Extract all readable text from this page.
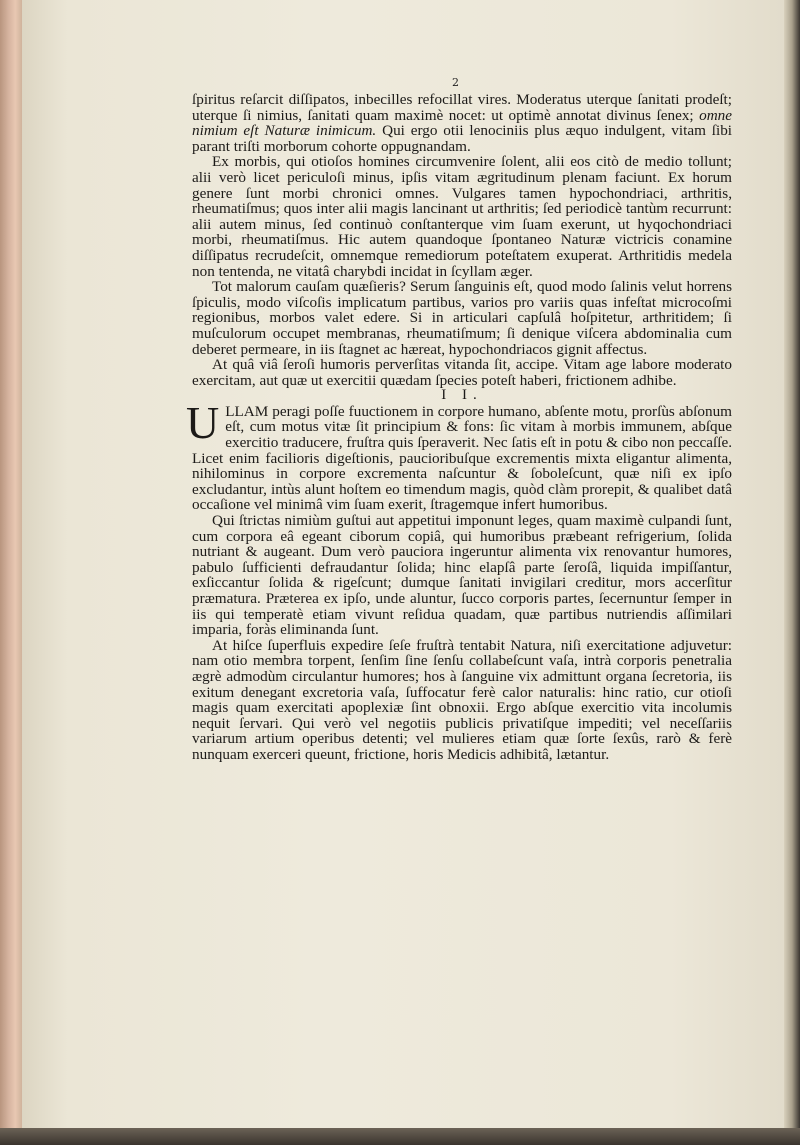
2

ſpiritus reſarcit diſſipatos, inbecilles refocillat vires. Moderatus uterque ſanitati prodeſt; uterque ſi nimius, ſanitati quam maximè nocet: ut optimè annotat divinus ſenex; omne nimium eſt Naturæ inimicum. Qui ergo otii lenociniis plus æquo indulgent, vitam ſibi parant triſti morborum cohorte oppugnandam.

Ex morbis, qui otioſos homines circumvenire ſolent, alii eos citò de medio tollunt; alii verò licet periculoſi minus, ipſis vitam ægritudinum plenam faciunt. Ex horum genere ſunt morbi chronici omnes. Vulgares tamen hypochondriaci, arthritis, rheumatiſmus; quos inter alii magis lancinant ut arthritis; ſed periodicè tantùm recurrunt: alii autem minus, ſed continuò conſtanterque vim ſuam exerunt, ut hyqochondriaci morbi, rheumatiſmus. Hic autem quandoque ſpontaneo Naturæ victricis conamine diſſipatus recrudeſcit, omnemque remediorum poteſtatem exuperat. Arthritidis medela non tentenda, ne vitatâ charybdi incidat in ſcyllam æger.

Tot malorum cauſam quæſieris? Serum ſanguinis eſt, quod modo ſalinis velut horrens ſpiculis, modo viſcoſis implicatum partibus, varios pro variis quas infeſtat microcoſmi regionibus, morbos valet edere. Si in articulari capſulâ hoſpitetur, arthritidem; ſi muſculorum occupet membranas, rheumatiſmum; ſi denique viſcera abdominalia cum deberet permeare, in iis ſtagnet ac hæreat, hypochondriacos gignit affectus.

At quâ viâ ſeroſi humoris perverſitas vitanda ſit, accipe. Vitam age labore moderato exercitam, aut quæ ut exercitii quædam ſpecies poteſt haberi, frictionem adhibe.

I I.

ULLAM peragi poſſe fuuctionem in corpore humano, abſente motu, prorſùs abſonum eſt, cum motus vitæ ſit principium & fons: ſic vitam à morbis immunem, abſque exercitio traducere, fruſtra quis ſperaverit. Nec ſatis eſt in potu & cibo non peccaſſe. Licet enim facilioris digeſtionis, paucioribuſque excrementis mixta eligantur alimenta, nihilominus in corpore excrementa naſcuntur & ſoboleſcunt, quæ niſi ex ipſo excludantur, intùs alunt hoſtem eo timendum magis, quòd clàm prorepit, & qualibet datâ occaſione vel minimâ vim ſuam exerit, ſtragemque infert humoribus.

Qui ſtrictas nimiùm guſtui aut appetitui imponunt leges, quam maximè culpandi ſunt, cum corpora eâ egeant ciborum copiâ, qui humoribus præbeant refrigerium, ſolida nutriant & augeant. Dum verò pauciora ingeruntur alimenta vix renovantur humores, pabulo ſufficienti defraudantur ſolida; hinc elapſâ parte ſeroſâ, liquida impiſſantur, exſiccantur ſolida & rigeſcunt; dumque ſanitati invigilari creditur, mors accerſitur præmatura. Præterea ex ipſo, unde aluntur, ſucco corporis partes, ſecernuntur ſemper in iis qui temperatè etiam vivunt reſidua quadam, quæ partibus nutriendis aſſimilari imparia, foràs eliminanda ſunt.

At hiſce ſuperfluis expedire ſeſe fruſtrà tentabit Natura, niſi exercitatione adjuvetur: nam otio membra torpent, ſenſim ſine ſenſu collabeſcunt vaſa, intrà corporis penetralia ægrè admodùm circulantur humores; hos à ſanguine vix admittunt organa ſecretoria, iis exitum denegant excretoria vaſa, ſuffocatur ferè calor naturalis: hinc ratio, cur otioſi magis quam exercitati apoplexiæ ſint obnoxii. Ergo abſque exercitio vita incolumis nequit ſervari. Qui verò vel negotiis publicis privatiſque impediti; vel neceſſariis variarum artium operibus detenti; vel mulieres etiam quæ ſorte ſexûs, rarò & ferè nunquam exerceri queunt, frictione, horis Medicis adhibitâ, lætantur.
